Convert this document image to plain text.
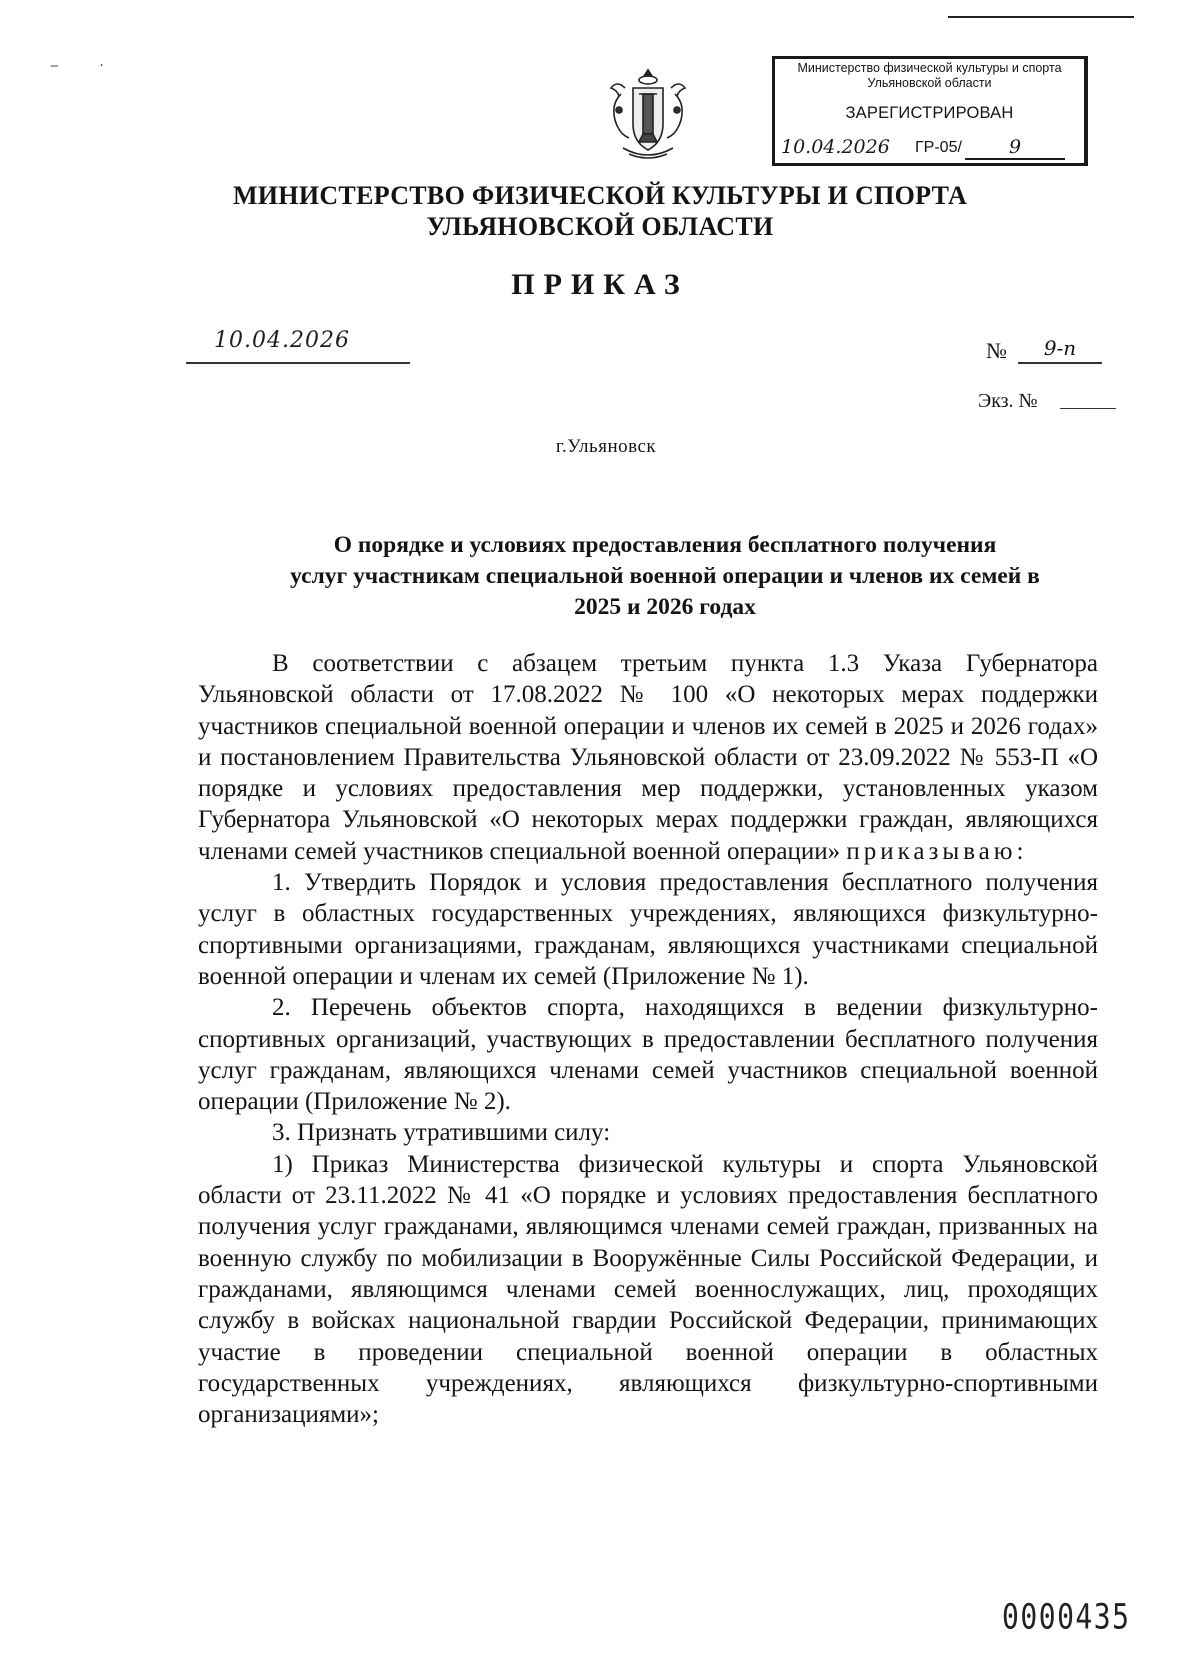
‒ ·	Министерство физической культуры и спорта
Ульяновской области
ЗАРЕГИСТРИРОВАН
10.04.2026 ГР-05/	9
МИНИСТЕРСТВО ФИЗИЧЕСКОЙ КУЛЬТУРЫ И СПОРТА
УЛЬЯНОВСКОЙ ОБЛАСТИ
ПРИКАЗ
10.04.2026	№	9-п
Экз. №
г.Ульяновск
О порядке и условиях предоставления бесплатного получения
услуг участникам специальной военной операции и членов их семей в
2025 и 2026 годах

В соответствии с абзацем третьим пункта 1.3 Указа Губернатора Ульяновской области от 17.08.2022 № 100 «О некоторых мерах поддержки участников специальной военной операции и членов их семей в 2025 и 2026 годах» и постановлением Правительства Ульяновской области от 23.09.2022 № 553-П «О порядке и условиях предоставления мер поддержки, установленных указом Губернатора Ульяновской «О некоторых мерах поддержки граждан, являющихся членами семей участников специальной военной операции» приказываю:

1. Утвердить Порядок и условия предоставления бесплатного получения услуг в областных государственных учреждениях, являющихся физкультурно-спортивными организациями, гражданам, являющихся участниками специальной военной операции и членам их семей (Приложение № 1).

2. Перечень объектов спорта, находящихся в ведении физкультурно-спортивных организаций, участвующих в предоставлении бесплатного получения услуг гражданам, являющихся членами семей участников специальной военной операции (Приложение № 2).

3. Признать утратившими силу:

1) Приказ Министерства физической культуры и спорта Ульяновской области от 23.11.2022 № 41 «О порядке и условиях предоставления бесплатного получения услуг гражданами, являющимся членами семей граждан, призванных на военную службу по мобилизации в Вооружённые Силы Российской Федерации, и гражданами, являющимся членами семей военнослужащих, лиц, проходящих службу в войсках национальной гвардии Российской Федерации, принимающих участие в проведении специальной военной операции в областных государственных учреждениях, являющихся физкультурно-спортивными организациями»;

0000435
